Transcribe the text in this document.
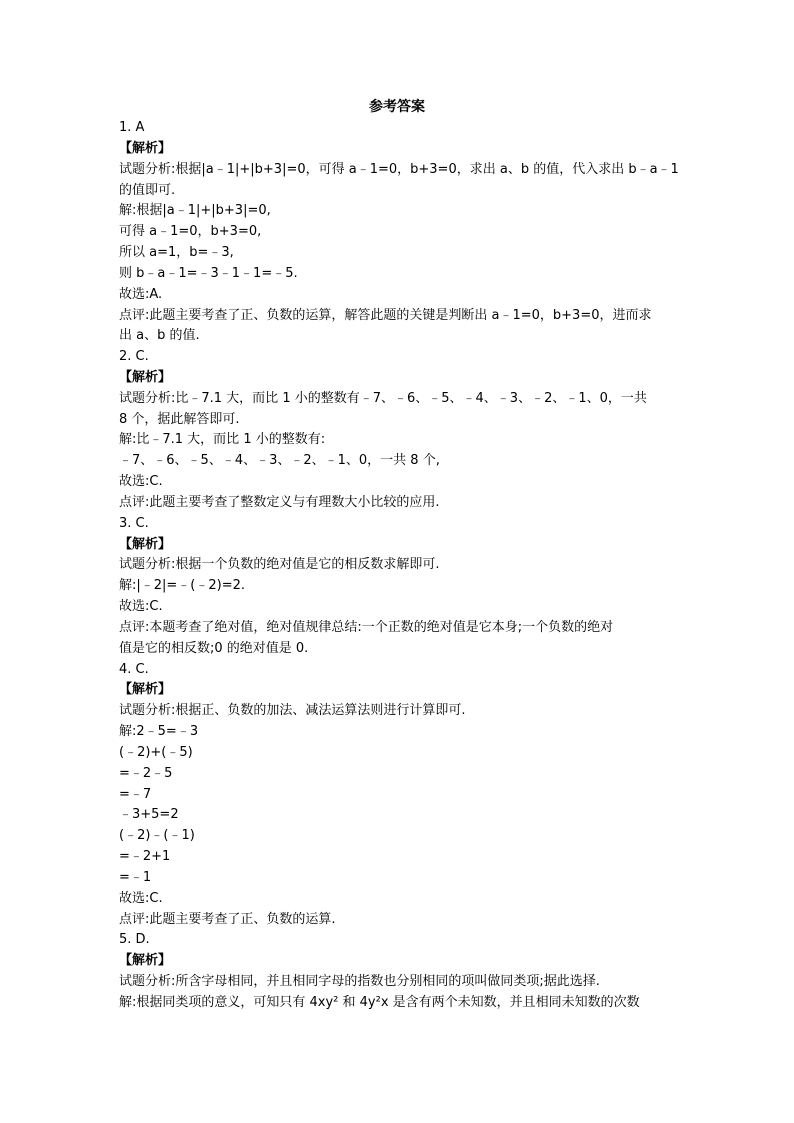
参考答案
1. A
【解析】
试题分析:根据|a﹣1|+|b+3|=0，可得 a﹣1=0，b+3=0，求出 a、b 的值，代入求出 b﹣a﹣1
的值即可.
解:根据|a﹣1|+|b+3|=0,
可得 a﹣1=0，b+3=0,
所以 a=1，b=﹣3,
则 b﹣a﹣1=﹣3﹣1﹣1=﹣5.
故选:A.
点评:此题主要考查了正、负数的运算，解答此题的关键是判断出 a﹣1=0，b+3=0，进而求
出 a、b 的值.
2. C.
【解析】
试题分析:比﹣7.1 大，而比 1 小的整数有﹣7、﹣6、﹣5、﹣4、﹣3、﹣2、﹣1、0，一共
8 个，据此解答即可.
解:比﹣7.1 大，而比 1 小的整数有:
﹣7、﹣6、﹣5、﹣4、﹣3、﹣2、﹣1、0，一共 8 个,
故选:C.
点评:此题主要考查了整数定义与有理数大小比较的应用.
3. C.
【解析】
试题分析:根据一个负数的绝对值是它的相反数求解即可.
解:|﹣2|=﹣(﹣2)=2.
故选:C.
点评:本题考查了绝对值，绝对值规律总结:一个正数的绝对值是它本身;一个负数的绝对
值是它的相反数;0 的绝对值是 0.
4. C.
【解析】
试题分析:根据正、负数的加法、减法运算法则进行计算即可.
解:2﹣5=﹣3
(﹣2)+(﹣5)
=﹣2﹣5
=﹣7
﹣3+5=2
(﹣2)﹣(﹣1)
=﹣2+1
=﹣1
故选:C.
点评:此题主要考查了正、负数的运算.
5. D.
【解析】
试题分析:所含字母相同，并且相同字母的指数也分别相同的项叫做同类项;据此选择.
解:根据同类项的意义，可知只有 4xy² 和 4y²x 是含有两个未知数，并且相同未知数的次数
